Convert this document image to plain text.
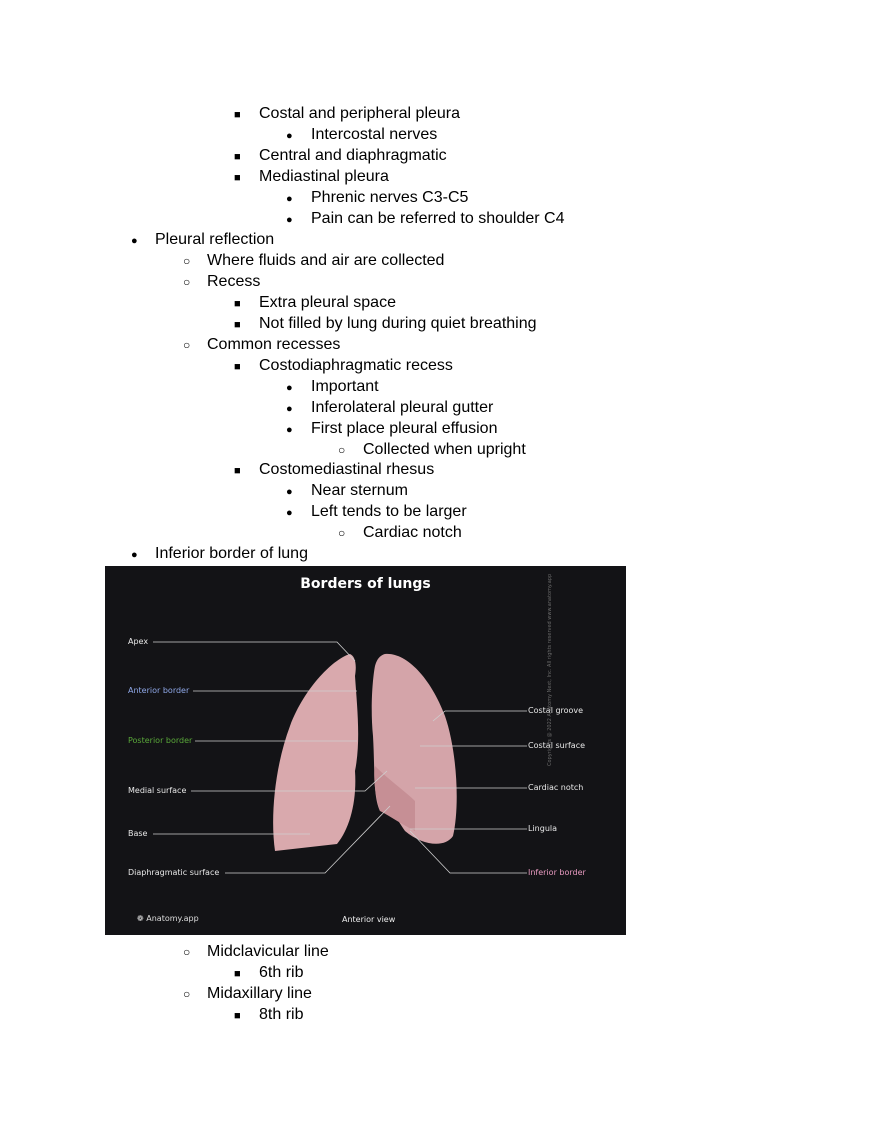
■
Costal and peripheral pleura
●
Intercostal nerves
■
Central and diaphragmatic
■
Mediastinal pleura
●
Phrenic nerves C3-C5
●
Pain can be referred to shoulder C4
●
Pleural reflection
○
Where fluids and air are collected
○
Recess
■
Extra pleural space
■
Not filled by lung during quiet breathing
○
Common recesses
■
Costodiaphragmatic recess
●
Important
●
Inferolateral pleural gutter
●
First place pleural effusion
○
Collected when upright
■
Costomediastinal rhesus
●
Near sternum
●
Left tends to be larger
○
Cardiac notch
●
Inferior border of lung
○
Midclavicular line
■
6th rib
○
Midaxillary line
■
8th rib
Borders of lungs
Apex
Anterior border
Posterior border
Medial surface
Base
Diaphragmatic surface
Costal groove
Costal surface
Cardiac notch
Lingula
Inferior border
Copyrights @ 2022 Anatomy Next, Inc. All rights reserved www.anatomy.app
❁ Anatomy.app	Anterior view
